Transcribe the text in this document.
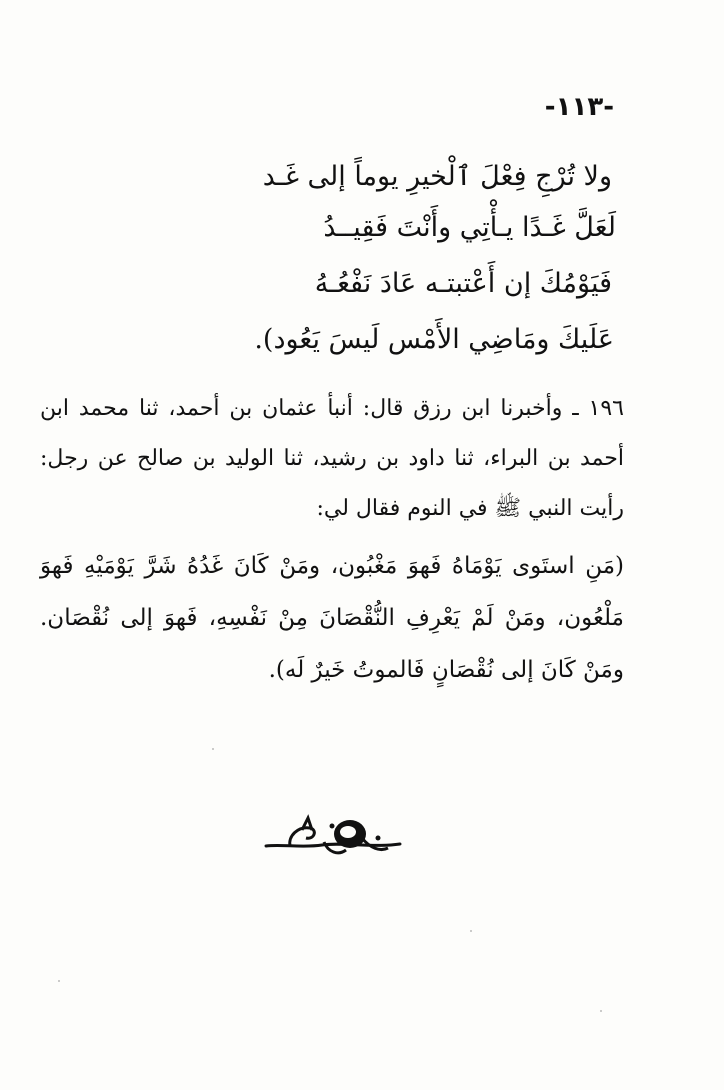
-١١٣-
ولا تُرْجِ فِعْلَ ٱلْخيرِ يوماً إلى غَـد
لَعَلَّ غَـدًا يـأْتِي وأَنْتَ فَقِيــدُ
فَيَوْمُكَ إن أَعْتبتـه عَادَ نَفْعُـهُ
عَلَيكَ ومَاضِي الأَمْس لَيسَ يَعُود).
١٩٦ ـ وأخبرنا ابن رزق قال: أنبأ عثمان بن أحمد، ثنا محمد ابن أحمد بن البراء، ثنا داود بن رشيد، ثنا الوليد بن صالح عن رجل: رأيت النبي ﷺ في النوم فقال لي:
(مَنِ استَوى يَوْمَاهُ فَهوَ مَغْبُون، ومَنْ كَانَ غَدُهُ شَرَّ يَوْمَيْهِ فَهوَ مَلْعُون، ومَنْ لَمْ يَعْرِفِ النُّقْصَانَ مِنْ نَفْسِهِ، فَهوَ إلى نُقْصَان. ومَنْ كَانَ إلى نُقْصَانٍ فَالموتُ خَيرٌ لَه).
